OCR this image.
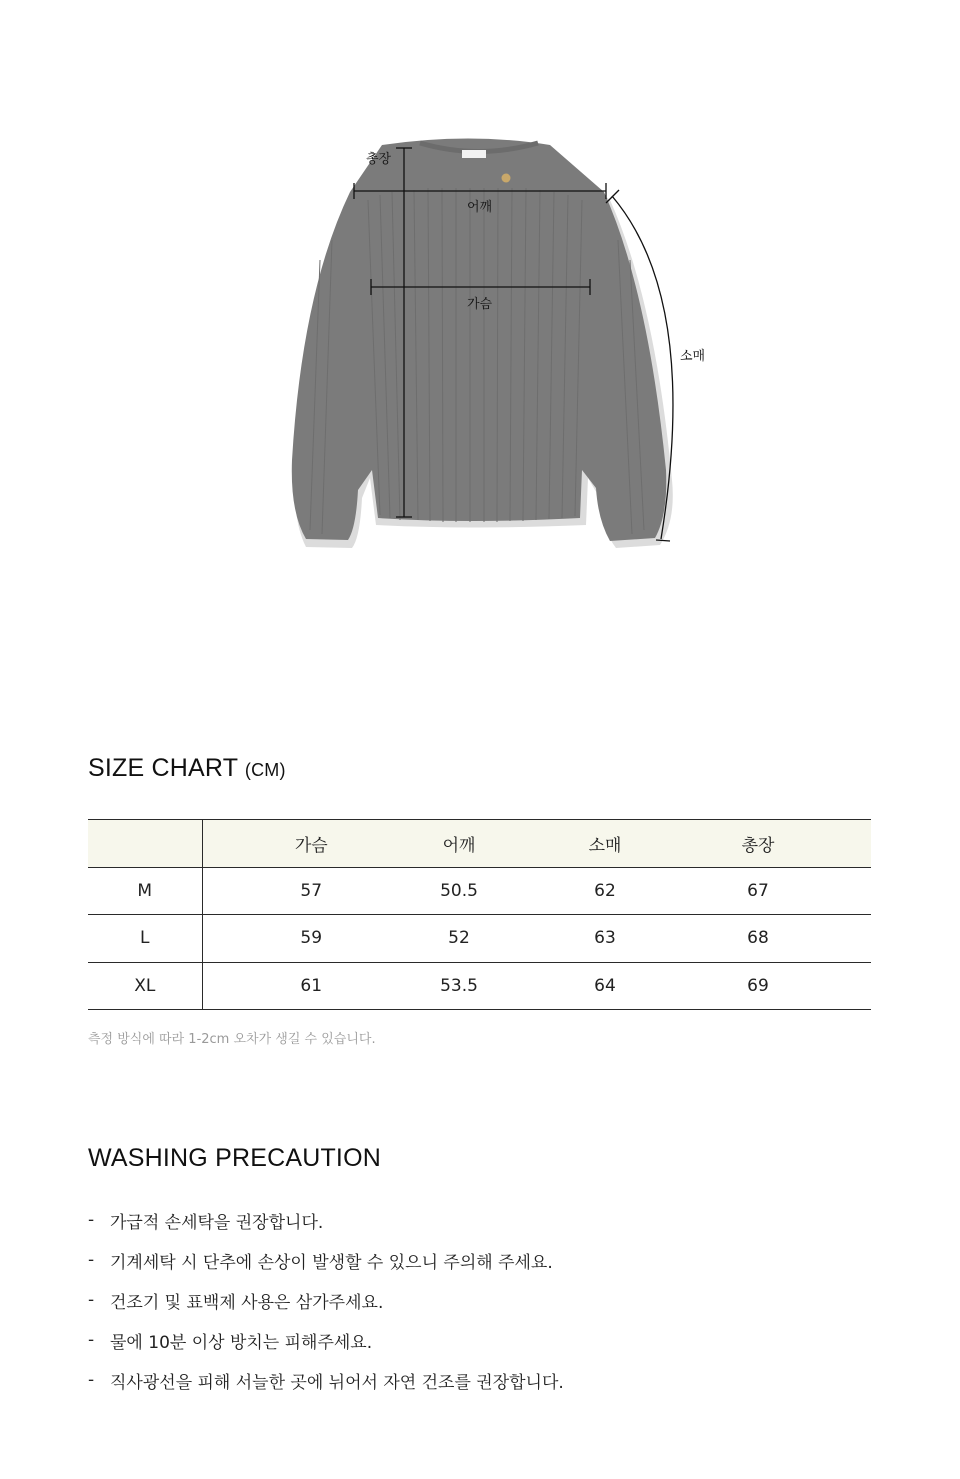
총장
어깨
가슴
소매
SIZE CHART (CM)
	가슴	어깨	소매	총장	
M	57	50.5	62	67	
L	59	52	63	68	
XL	61	53.5	64	69	
측정 방식에 따라 1-2cm 오차가 생길 수 있습니다.
WASHING PRECAUTION
- 가급적 손세탁을 권장합니다.
- 기계세탁 시 단추에 손상이 발생할 수 있으니 주의해 주세요.
- 건조기 및 표백제 사용은 삼가주세요.
- 물에 10분 이상 방치는 피해주세요.
- 직사광선을 피해 서늘한 곳에 뉘어서 자연 건조를 권장합니다.
